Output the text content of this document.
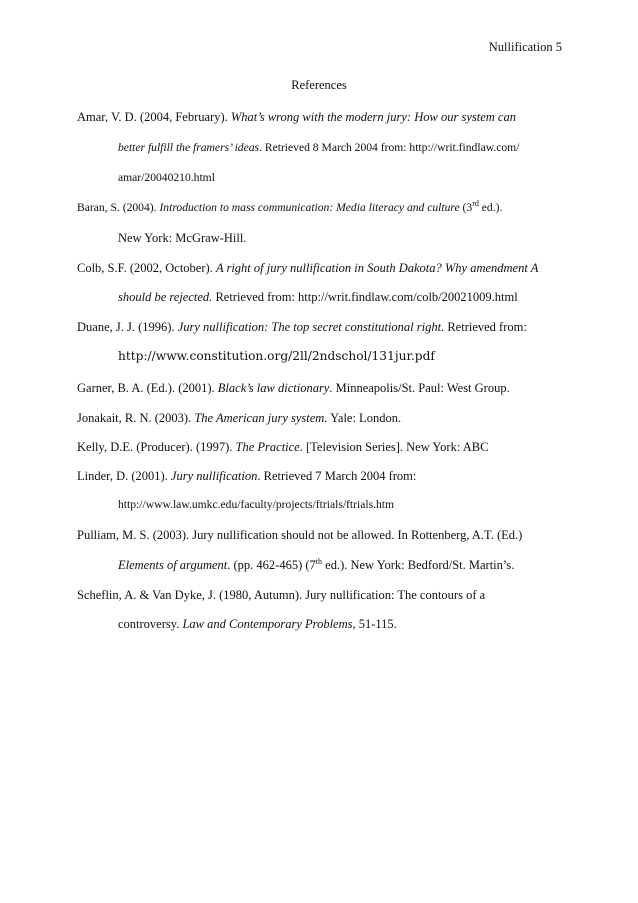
Nullification 5
References
Amar, V. D. (2004, February). What’s wrong with the modern jury: How our system can
better fulfill the framers’ ideas. Retrieved 8 March 2004 from: http://writ.findlaw.com/
amar/20040210.html
Baran, S. (2004). Introduction to mass communication: Media literacy and culture (3rd ed.).
New York: McGraw-Hill.
Colb, S.F. (2002, October). A right of jury nullification in South Dakota? Why amendment A
should be rejected. Retrieved from: http://writ.findlaw.com/colb/20021009.html
Duane, J. J. (1996). Jury nullification: The top secret constitutional right. Retrieved from:
http://www.constitution.org/2ll/2ndschol/131jur.pdf
Garner, B. A. (Ed.). (2001). Black’s law dictionary. Minneapolis/St. Paul: West Group.
Jonakait, R. N. (2003). The American jury system. Yale: London.
Kelly, D.E. (Producer). (1997). The Practice. [Television Series]. New York: ABC
Linder, D. (2001). Jury nullification. Retrieved 7 March 2004 from:
http://www.law.umkc.edu/faculty/projects/ftrials/ftrials.htm
Pulliam, M. S. (2003). Jury nullification should not be allowed. In Rottenberg, A.T. (Ed.)
Elements of argument. (pp. 462-465) (7th ed.). New York: Bedford/St. Martin’s.
Scheflin, A. & Van Dyke, J. (1980, Autumn). Jury nullification: The contours of a
controversy. Law and Contemporary Problems, 51-115.
